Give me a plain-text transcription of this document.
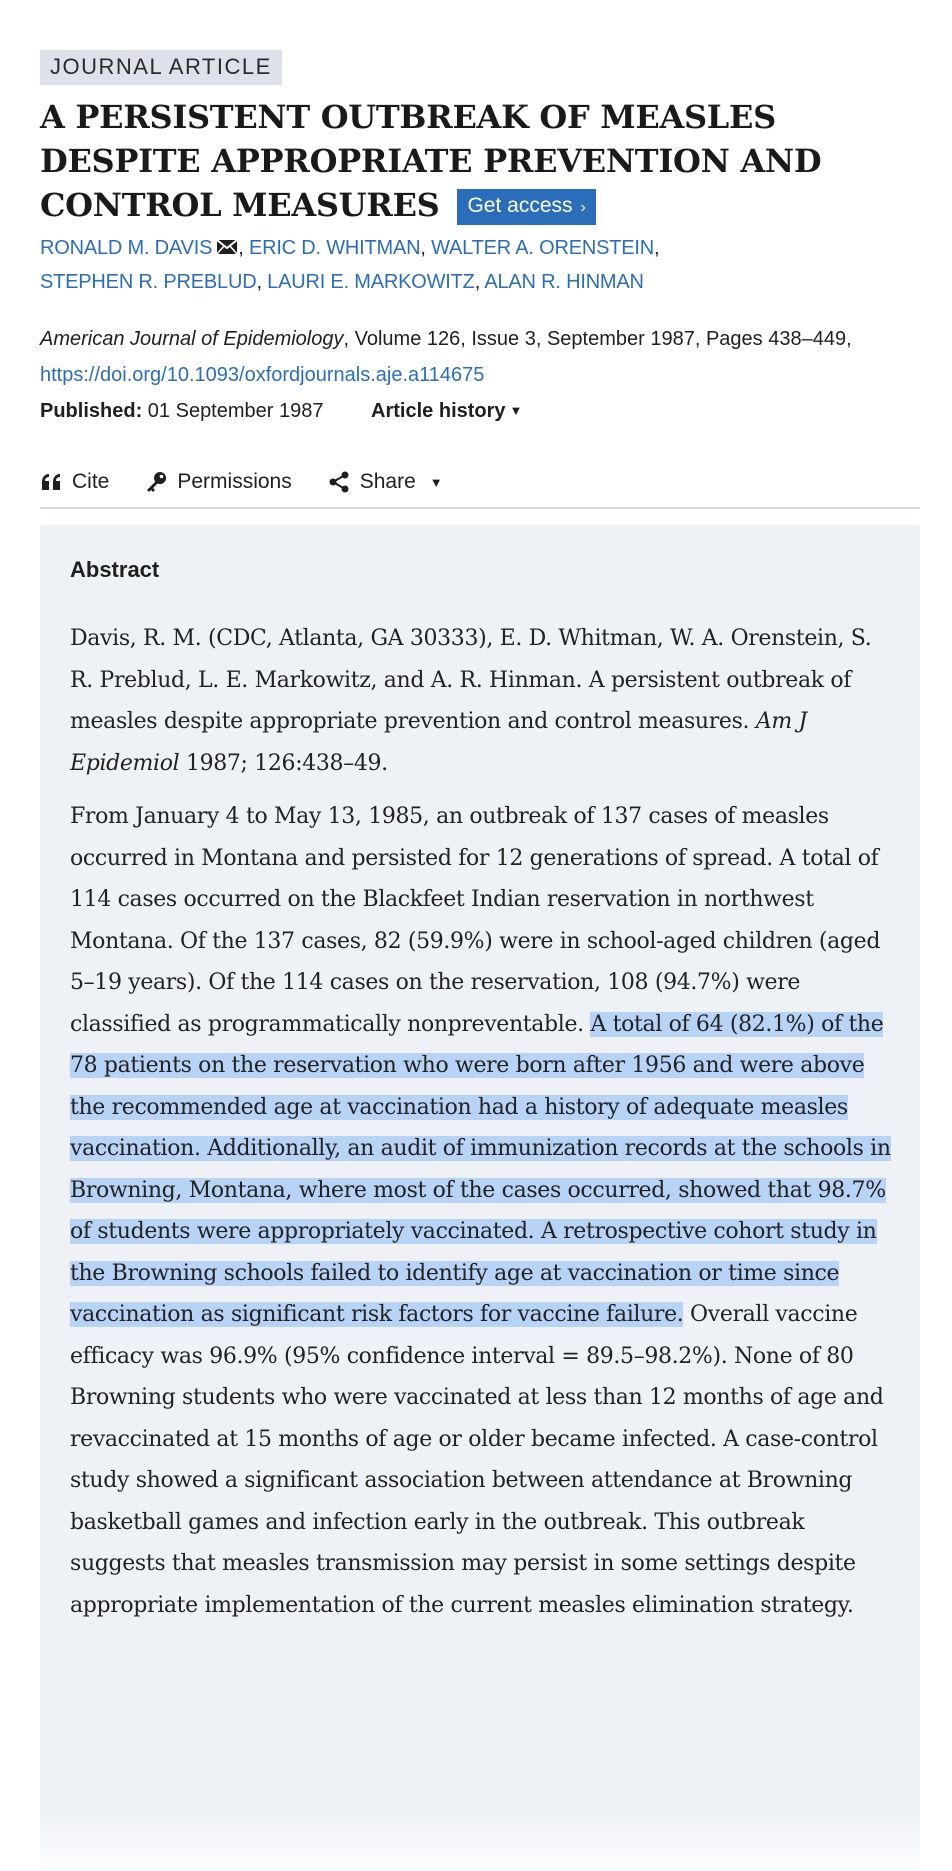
JOURNAL ARTICLE
A PERSISTENT OUTBREAK OF MEASLES DESPITE APPROPRIATE PREVENTION AND CONTROL MEASURES Get access ›
RONALD M. DAVIS , ERIC D. WHITMAN, WALTER A. ORENSTEIN,
STEPHEN R. PREBLUD, LAURI E. MARKOWITZ, ALAN R. HINMAN
American Journal of Epidemiology, Volume 126, Issue 3, September 1987, Pages 438–449, https://doi.org/10.1093/oxfordjournals.aje.a114675
Published: 01 September 1987 Article history ▼
Cite	Permissions	Share ▼
Abstract

Davis, R. M. (CDC, Atlanta, GA 30333), E. D. Whitman, W. A. Orenstein, S. R. Preblud, L. E. Markowitz, and A. R. Hinman. A persistent outbreak of measles despite appropriate prevention and control measures. Am J Epidemiol 1987; 126:438–49.

From January 4 to May 13, 1985, an outbreak of 137 cases of measles occurred in Montana and persisted for 12 generations of spread. A total of 114 cases occurred on the Blackfeet Indian reservation in northwest Montana. Of the 137 cases, 82 (59.9%) were in school-aged children (aged 5–19 years). Of the 114 cases on the reservation, 108 (94.7%) were classified as programmatically nonpreventable. A total of 64 (82.1%) of the 78 patients on the reservation who were born after 1956 and were above the recommended age at vaccination had a history of adequate measles vaccination. Additionally, an audit of immunization records at the schools in Browning, Montana, where most of the cases occurred, showed that 98.7% of students were appropriately vaccinated. A retrospective cohort study in the Browning schools failed to identify age at vaccination or time since vaccination as significant risk factors for vaccine failure. Overall vaccine efficacy was 96.9% (95% confidence interval = 89.5–98.2%). None of 80 Browning students who were vaccinated at less than 12 months of age and revaccinated at 15 months of age or older became infected. A case-control study showed a significant association between attendance at Browning basketball games and infection early in the outbreak. This outbreak suggests that measles transmission may persist in some settings despite appropriate implementation of the current measles elimination strategy.
